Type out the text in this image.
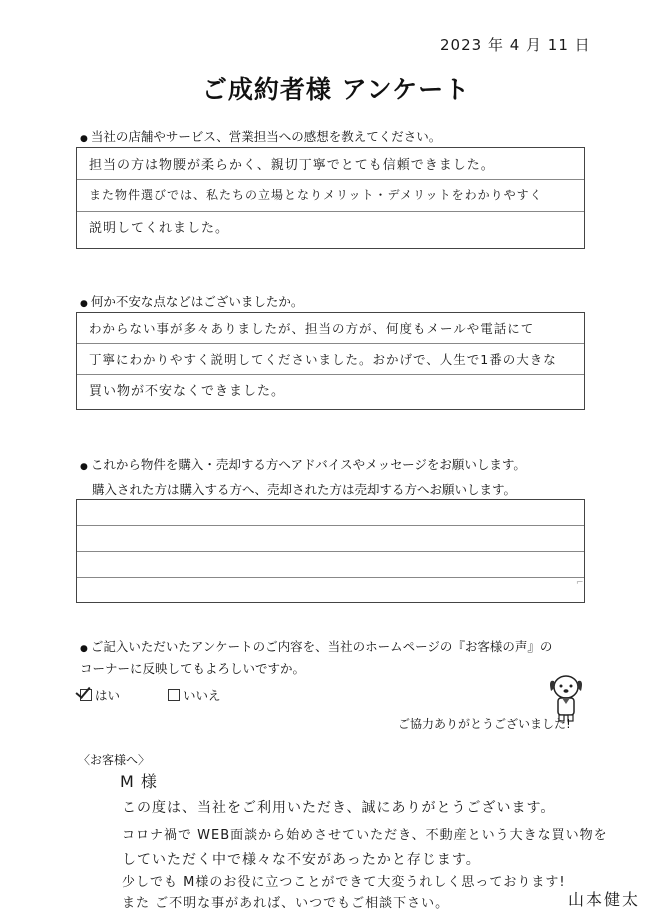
2023 年 4 月 11 日
ご成約者様 アンケート
● 当社の店舗やサービス、営業担当への感想を教えてください。
担当の方は物腰が柔らかく、親切丁寧でとても信頼できました。
また物件選びでは、私たちの立場となりメリット・デメリットをわかりやすく
説明してくれました。
● 何か不安な点などはございましたか。
わからない事が多々ありましたが、担当の方が、何度もメールや電話にて
丁寧にわかりやすく説明してくださいました。おかげで、人生で1番の大きな
買い物が不安なくできました。
● これから物件を購入・売却する方へアドバイスやメッセージをお願いします。
購入された方は購入する方へ、売却された方は売却する方へお願いします。
⌐
● ご記入いただいたアンケートのご内容を、当社のホームページの『お客様の声』の
コーナーに反映してもよろしいですか。
はい	いいえ
ご協力ありがとうございました!
〈お客様へ〉
M 様
この度は、当社をご利用いただき、誠にありがとうございます。
コロナ禍で WEB面談から始めさせていただき、不動産という大きな買い物を
していただく中で様々な不安があったかと存じます。
少しでも M様のお役に立つことができて大変うれしく思っております!
また ご不明な事があれば、いつでもご相談下さい。	山本健太
